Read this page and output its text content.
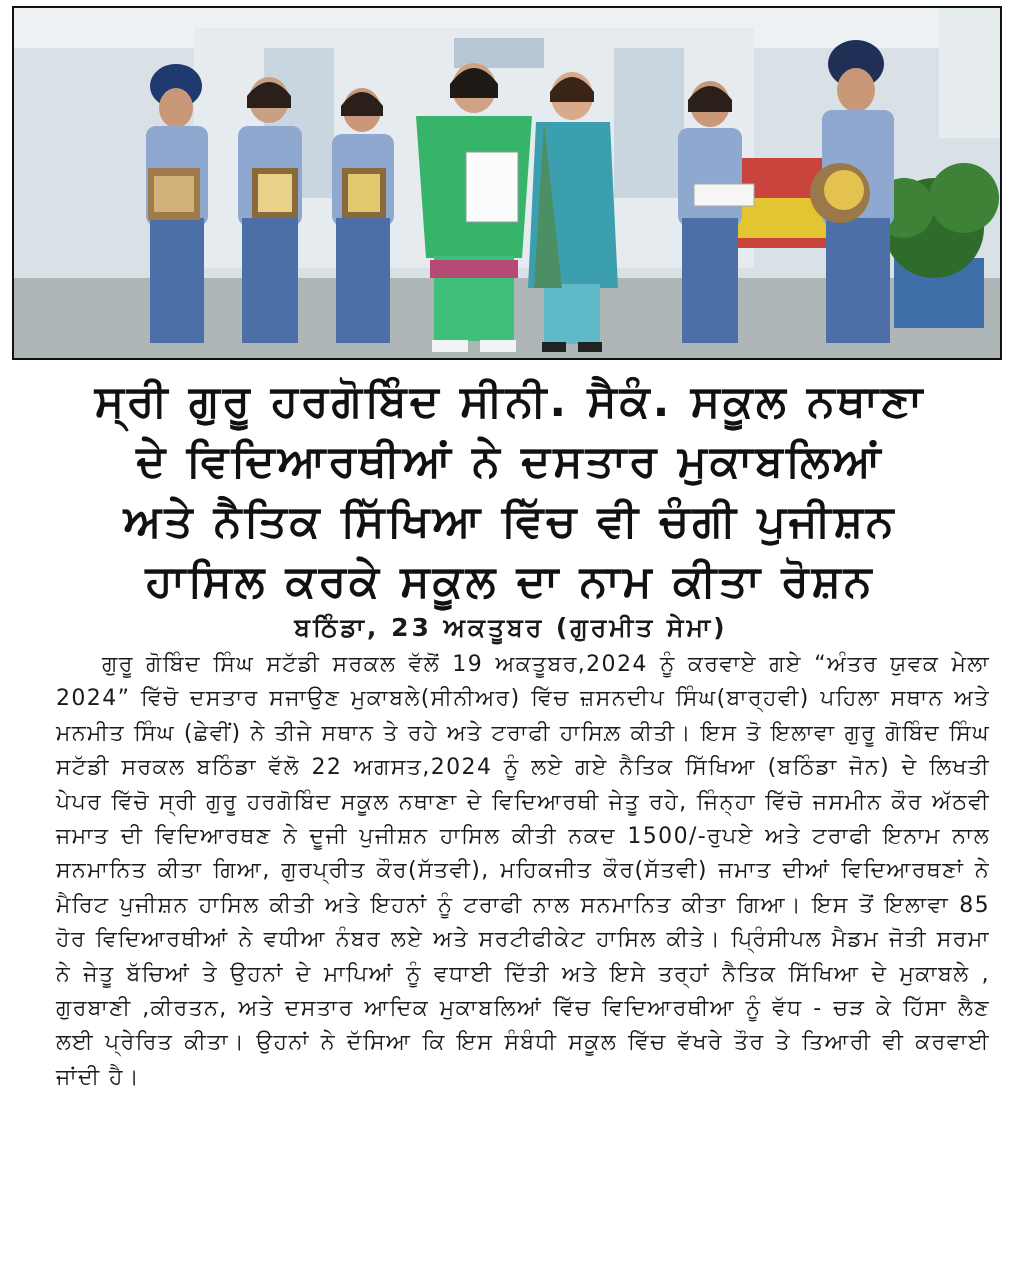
ਸ੍ਰੀ ਗੁਰੂ ਹਰਗੋਬਿੰਦ ਸੀਨੀ. ਸੈਕੰ. ਸਕੂਲ ਨਥਾਣਾ
ਦੇ ਵਿਦਿਆਰਥੀਆਂ ਨੇ ਦਸਤਾਰ ਮੁਕਾਬਲਿਆਂ
ਅਤੇ ਨੈਤਿਕ ਸਿੱਖਿਆ ਵਿੱਚ ਵੀ ਚੰਗੀ ਪੁਜੀਸ਼ਨ
ਹਾਸਿਲ ਕਰਕੇ ਸਕੂਲ ਦਾ ਨਾਮ ਕੀਤਾ ਰੋਸ਼ਨ
ਬਠਿੰਡਾ, 23 ਅਕਤੂਬਰ (ਗੁਰਮੀਤ ਸੇਮਾ)

ਗੁਰੂ ਗੋਬਿੰਦ ਸਿੰਘ ਸਟੱਡੀ ਸਰਕਲ ਵੱਲੋਂ 19 ਅਕਤੂਬਰ,2024 ਨੂੰ ਕਰਵਾਏ ਗਏ “ਅੰਤਰ ਯੁਵਕ ਮੇਲਾ 2024” ਵਿੱਚੋ ਦਸਤਾਰ ਸਜਾਉਣ ਮੁਕਾਬਲੇ(ਸੀਨੀਅਰ) ਵਿੱਚ ਜ਼ਸਨਦੀਪ ਸਿੰਘ(ਬਾਰ੍ਹਵੀ) ਪਹਿਲਾ ਸਥਾਨ ਅਤੇ ਮਨਮੀਤ ਸਿੰਘ (ਛੇਵੀਂ) ਨੇ ਤੀਜੇ ਸਥਾਨ ਤੇ ਰਹੇ ਅਤੇ ਟਰਾਫੀ ਹਾਸਿਲ਼ ਕੀਤੀ। ਇਸ ਤੋ ਇਲਾਵਾ ਗੁਰੂ ਗੋਬਿੰਦ ਸਿੰਘ ਸਟੱਡੀ ਸਰਕਲ ਬਠਿੰਡਾ ਵੱਲੋ 22 ਅਗਸਤ,2024 ਨੂੰ ਲਏ ਗਏ ਨੈਤਿਕ ਸਿੱਖਿਆ (ਬਠਿੰਡਾ ਜੋਨ) ਦੇ ਲਿਖਤੀ ਪੇਪਰ ਵਿੱਚੋ ਸ੍ਰੀ ਗੁਰੂ ਹਰਗੋਬਿੰਦ ਸਕੂਲ ਨਥਾਣਾ ਦੇ ਵਿਦਿਆਰਥੀ ਜੇਤੂ ਰਹੇ, ਜਿੰਨ੍ਹਾ ਵਿੱਚੋ ਜਸਮੀਨ ਕੌਰ ਅੱਠਵੀ ਜਮਾਤ ਦੀ ਵਿਦਿਆਰਥਣ ਨੇ ਦੂਜੀ ਪੁਜੀਸ਼ਨ ਹਾਸਿਲ ਕੀਤੀ ਨਕਦ 1500/-ਰੁਪਏ ਅਤੇ ਟਰਾਫੀ ਇਨਾਮ ਨਾਲ ਸਨਮਾਨਿਤ ਕੀਤਾ ਗਿਆ, ਗੁਰਪ੍ਰੀਤ ਕੌਰ(ਸੱਤਵੀ), ਮਹਿਕਜੀਤ ਕੌਰ(ਸੱਤਵੀ) ਜਮਾਤ ਦੀਆਂ ਵਿਦਿਆਰਥਣਾਂ ਨੇ ਮੈਰਿਟ ਪੁਜੀਸ਼ਨ ਹਾਸਿਲ ਕੀਤੀ ਅਤੇ ਇਹਨਾਂ ਨੂੰ ਟਰਾਫੀ ਨਾਲ ਸਨਮਾਨਿਤ ਕੀਤਾ ਗਿਆ। ਇਸ ਤੋਂ ਇਲਾਵਾ 85 ਹੋਰ ਵਿਦਿਆਰਥੀਆਂ ਨੇ ਵਧੀਆ ਨੰਬਰ ਲਏ ਅਤੇ ਸਰਟੀਫੀਕੇਟ ਹਾਸਿਲ ਕੀਤੇ। ਪ੍ਰਿੰਸੀਪਲ ਮੈਡਮ ਜੋਤੀ ਸਰਮਾ ਨੇ ਜੇਤੂ ਬੱਚਿਆਂ ਤੇ ਉਹਨਾਂ ਦੇ ਮਾਪਿਆਂ ਨੂੰ ਵਧਾਈ ਦਿੱਤੀ ਅਤੇ ਇਸੇ ਤਰ੍ਹਾਂ ਨੈਤਿਕ ਸਿੱਖਿਆ ਦੇ ਮੁਕਾਬਲੇ , ਗੁਰਬਾਣੀ ,ਕੀਰਤਨ, ਅਤੇ ਦਸਤਾਰ ਆਦਿਕ ਮੁਕਾਬਲਿਆਂ ਵਿੱਚ ਵਿਦਿਆਰਥੀਆ ਨੂੰ ਵੱਧ - ਚੜ ਕੇ ਹਿੱਸਾ ਲੈਣ ਲਈ ਪ੍ਰੇਰਿਤ ਕੀਤਾ। ਉਹਨਾਂ ਨੇ ਦੱਸਿਆ ਕਿ ਇਸ ਸੰਬੰਧੀ ਸਕੂਲ ਵਿੱਚ ਵੱਖਰੇ ਤੌਰ ਤੇ ਤਿਆਰੀ ਵੀ ਕਰਵਾਈ ਜਾਂਦੀ ਹੈ।
